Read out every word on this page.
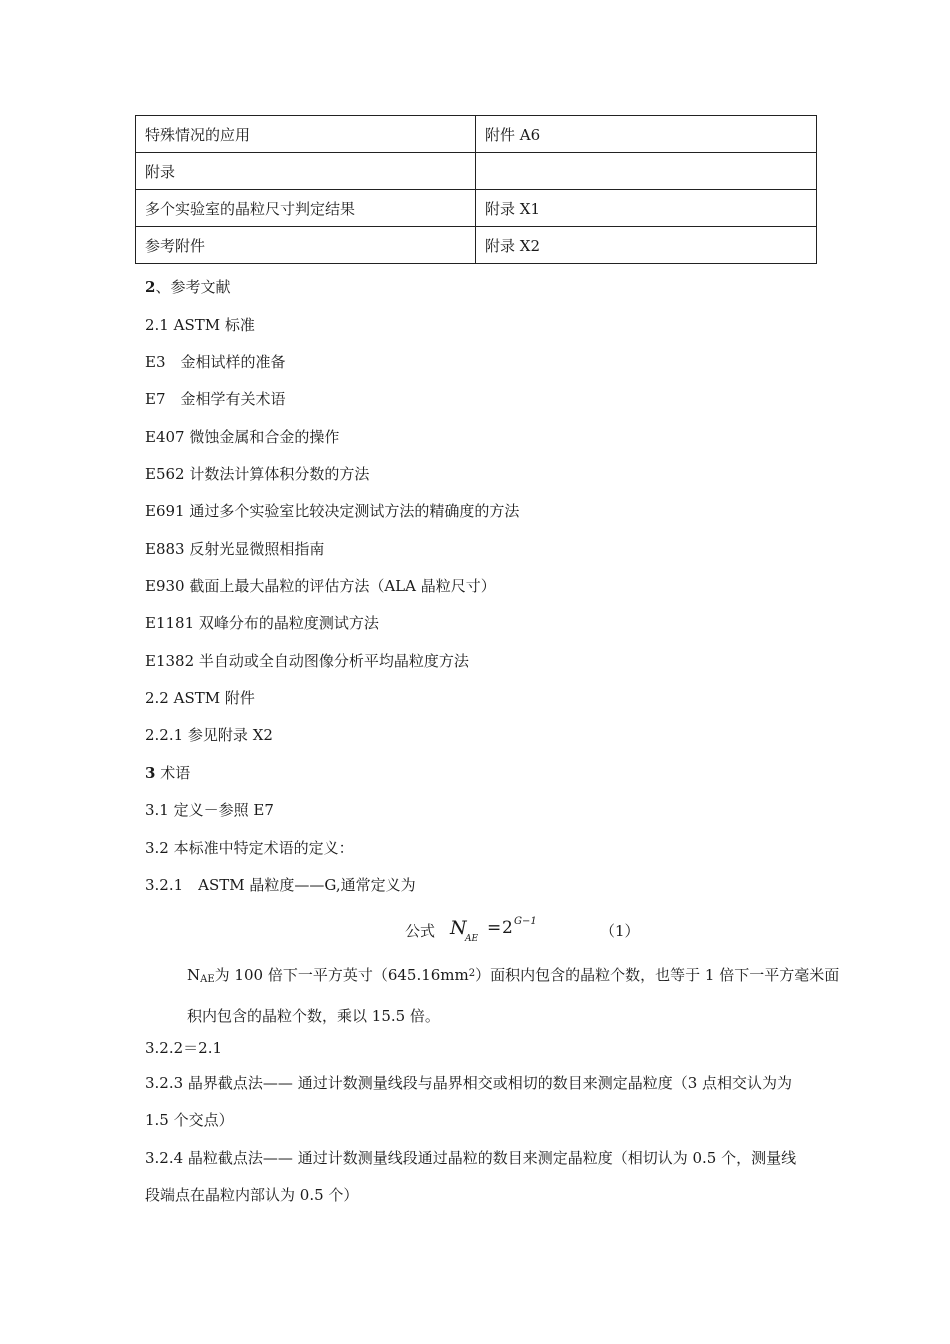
特殊情况的应用	附件 A6
附录	
多个实验室的晶粒尺寸判定结果	附录 X1
参考附件	附录 X2
2、参考文献
2.1 ASTM 标准
E3　金相试样的准备
E7　金相学有关术语
E407 微蚀金属和合金的操作
E562 计数法计算体积分数的方法
E691 通过多个实验室比较决定测试方法的精确度的方法
E883 反射光显微照相指南
E930 截面上最大晶粒的评估方法（ALA 晶粒尺寸）
E1181 双峰分布的晶粒度测试方法
E1382 半自动或全自动图像分析平均晶粒度方法
2.2 ASTM 附件
2.2.1 参见附录 X2
3 术语
3.1 定义－参照 E7
3.2 本标准中特定术语的定义：
3.2.1　ASTM 晶粒度——G,通常定义为
公式 N
AE
= 2 G−1
（1）
$N_{AE}$为 100 倍下一平方英寸$(645.16mm^2)$面积内包含的晶粒个数，也等于 1 倍下一平方毫米面积内包含的晶粒个数，乘以 15.5 倍。
3.2.2＝2.1
3.2.3 晶界截点法—— 通过计数测量线段与晶界相交或相切的数目来测定晶粒度（3 点相交认为为 1.5 个交点）
3.2.4 晶粒截点法—— 通过计数测量线段通过晶粒的数目来测定晶粒度（相切认为 0.5 个，测量线段端点在晶粒内部认为 0.5 个）
